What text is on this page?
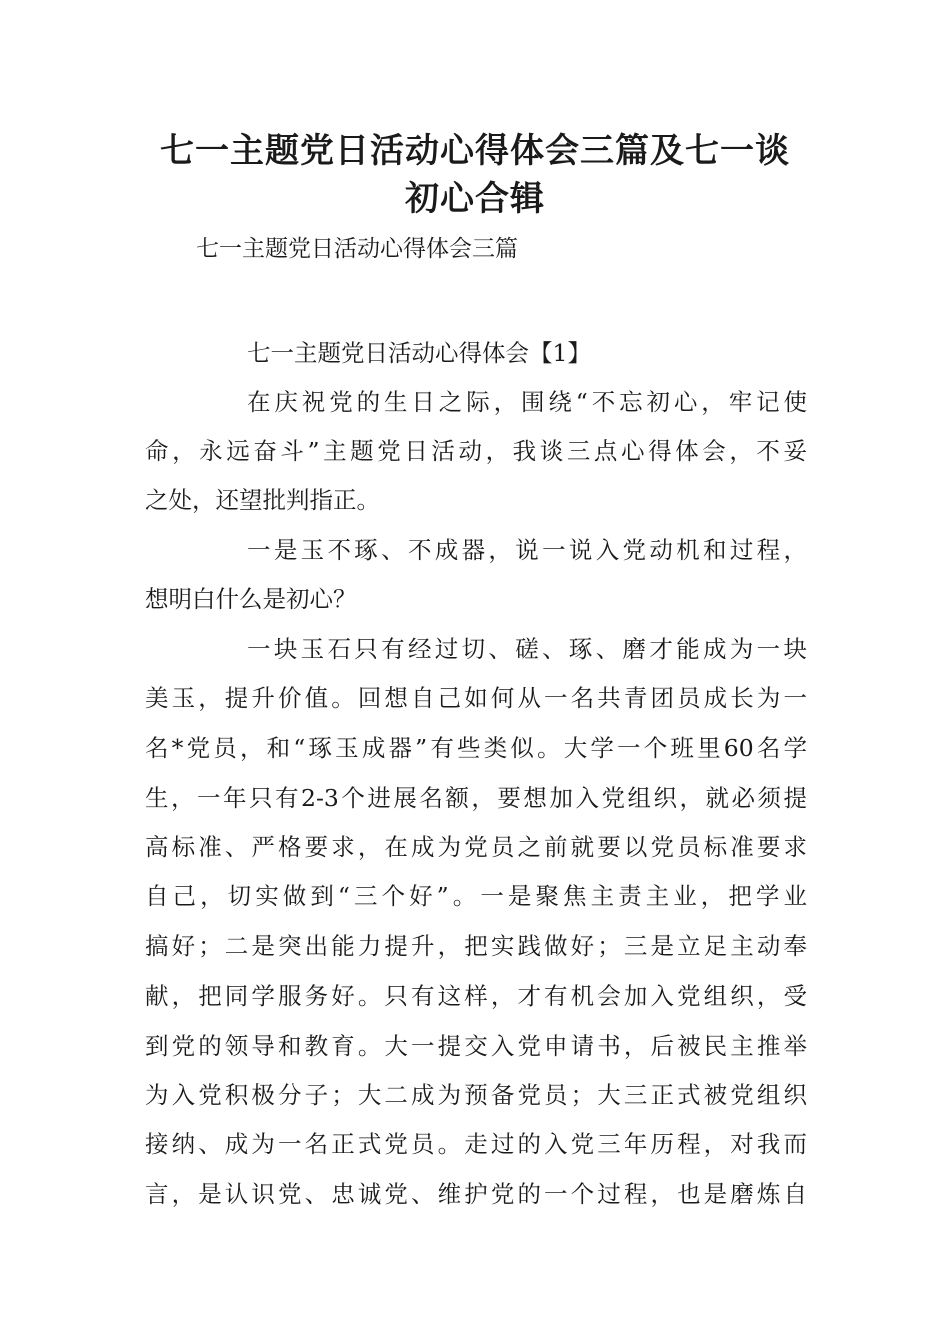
七一主题党日活动心得体会三篇及七一谈
初心合辑

七一主题党日活动心得体会三篇

七一主题党日活动心得体会【1】

在庆祝党的生日之际，围绕“不忘初心，牢记使

命，永远奋斗”主题党日活动，我谈三点心得体会，不妥

之处，还望批判指正。

一是玉不琢、不成器，说一说入党动机和过程，

想明白什么是初心？

一块玉石只有经过切、磋、琢、磨才能成为一块

美玉，提升价值。回想自己如何从一名共青团员成长为一

名*党员，和“琢玉成器”有些类似。大学一个班里60名学

生，一年只有2-3个进展名额，要想加入党组织，就必须提

高标准、严格要求，在成为党员之前就要以党员标准要求

自己，切实做到“三个好”。一是聚焦主责主业，把学业

搞好；二是突出能力提升，把实践做好；三是立足主动奉

献，把同学服务好。只有这样，才有机会加入党组织，受

到党的领导和教育。大一提交入党申请书，后被民主推举

为入党积极分子；大二成为预备党员；大三正式被党组织

接纳、成为一名正式党员。走过的入党三年历程，对我而

言，是认识党、忠诚党、维护党的一个过程，也是磨炼自
